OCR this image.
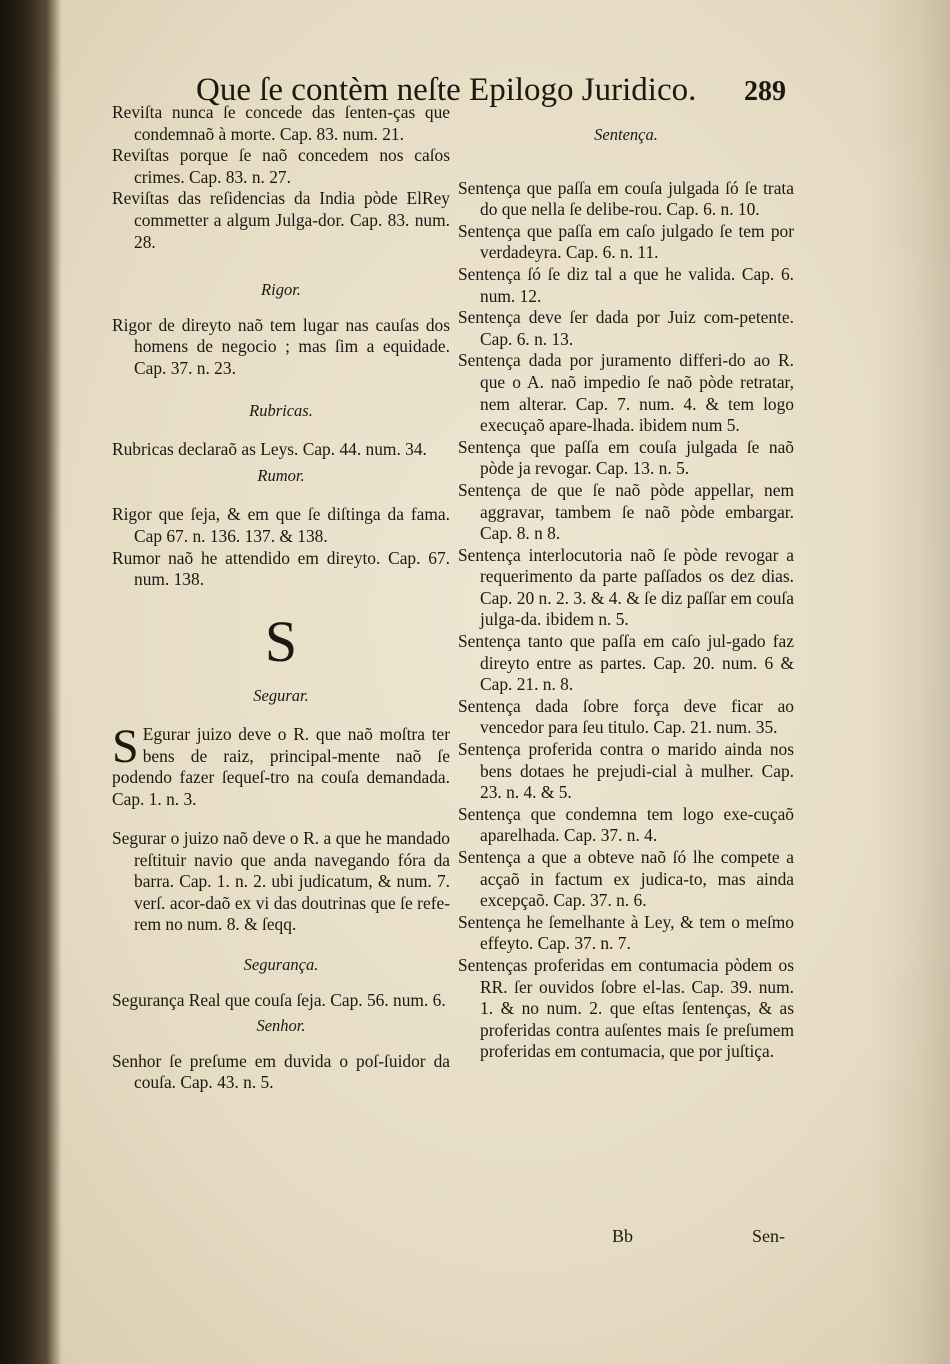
Que ſe contèm neſte Epilogo Juridico. 289

Reviſta nunca ſe concede das ſenten-ças que condemnaõ à morte. Cap. 83. num. 21.

Reviſtas porque ſe naõ concedem nos caſos crimes. Cap. 83. n. 27.

Reviſtas das reſidencias da India pòde ElRey commetter a algum Julga-dor. Cap. 83. num. 28.

Rigor.

Rigor de direyto naõ tem lugar nas cauſas dos homens de negocio ; mas ſim a equidade. Cap. 37. n. 23.

Rubricas.

Rubricas declaraõ as Leys. Cap. 44. num. 34.

Rumor.

Rigor que ſeja, & em que ſe diſtinga da fama. Cap 67. n. 136. 137. & 138.

Rumor naõ he attendido em direyto. Cap. 67. num. 138.

S
Segurar.

S Egurar juizo deve o R. que naõ moſtra ter bens de raiz, principal-mente naõ ſe podendo fazer ſequeſ-tro na couſa demandada. Cap. 1. n. 3.

Segurar o juizo naõ deve o R. a que he mandado reſtituir navio que anda navegando fóra da barra. Cap. 1. n. 2. ubi judicatum, & num. 7. verſ. acor-daõ ex vi das doutrinas que ſe refe-rem no num. 8. & ſeqq.

Segurança.

Segurança Real que couſa ſeja. Cap. 56. num. 6.

Senhor.

Senhor ſe preſume em duvida o poſ-ſuidor da couſa. Cap. 43. n. 5.

Sentença.

Sentença que paſſa em couſa julgada ſó ſe trata do que nella ſe delibe-rou. Cap. 6. n. 10.

Sentença que paſſa em caſo julgado ſe tem por verdadeyra. Cap. 6. n. 11.

Sentença ſó ſe diz tal a que he valida. Cap. 6. num. 12.

Sentença deve ſer dada por Juiz com-petente. Cap. 6. n. 13.

Sentença dada por juramento differi-do ao R. que o A. naõ impedio ſe naõ pòde retratar, nem alterar. Cap. 7. num. 4. & tem logo execuçaõ apare-lhada. ibidem num 5.

Sentença que paſſa em couſa julgada ſe naõ pòde ja revogar. Cap. 13. n. 5.

Sentença de que ſe naõ pòde appellar, nem aggravar, tambem ſe naõ pòde embargar. Cap. 8. n 8.

Sentença interlocutoria naõ ſe pòde revogar a requerimento da parte paſſados os dez dias. Cap. 20 n. 2. 3. & 4. & ſe diz paſſar em couſa julga-da. ibidem n. 5.

Sentença tanto que paſſa em caſo jul-gado faz direyto entre as partes. Cap. 20. num. 6 & Cap. 21. n. 8.

Sentença dada ſobre força deve ficar ao vencedor para ſeu titulo. Cap. 21. num. 35.

Sentença proferida contra o marido ainda nos bens dotaes he prejudi-cial à mulher. Cap. 23. n. 4. & 5.

Sentença que condemna tem logo exe-cuçaõ aparelhada. Cap. 37. n. 4.

Sentença a que a obteve naõ ſó lhe compete a acçaõ in factum ex judica-to, mas ainda excepçaõ. Cap. 37. n. 6.

Sentença he ſemelhante à Ley, & tem o meſmo effeyto. Cap. 37. n. 7.

Sentenças proferidas em contumacia pòdem os RR. ſer ouvidos ſobre el-las. Cap. 39. num. 1. & no num. 2. que eſtas ſentenças, & as proferidas contra auſentes mais ſe preſumem proferidas em contumacia, que por juſtiça.

Bb	Sen-
